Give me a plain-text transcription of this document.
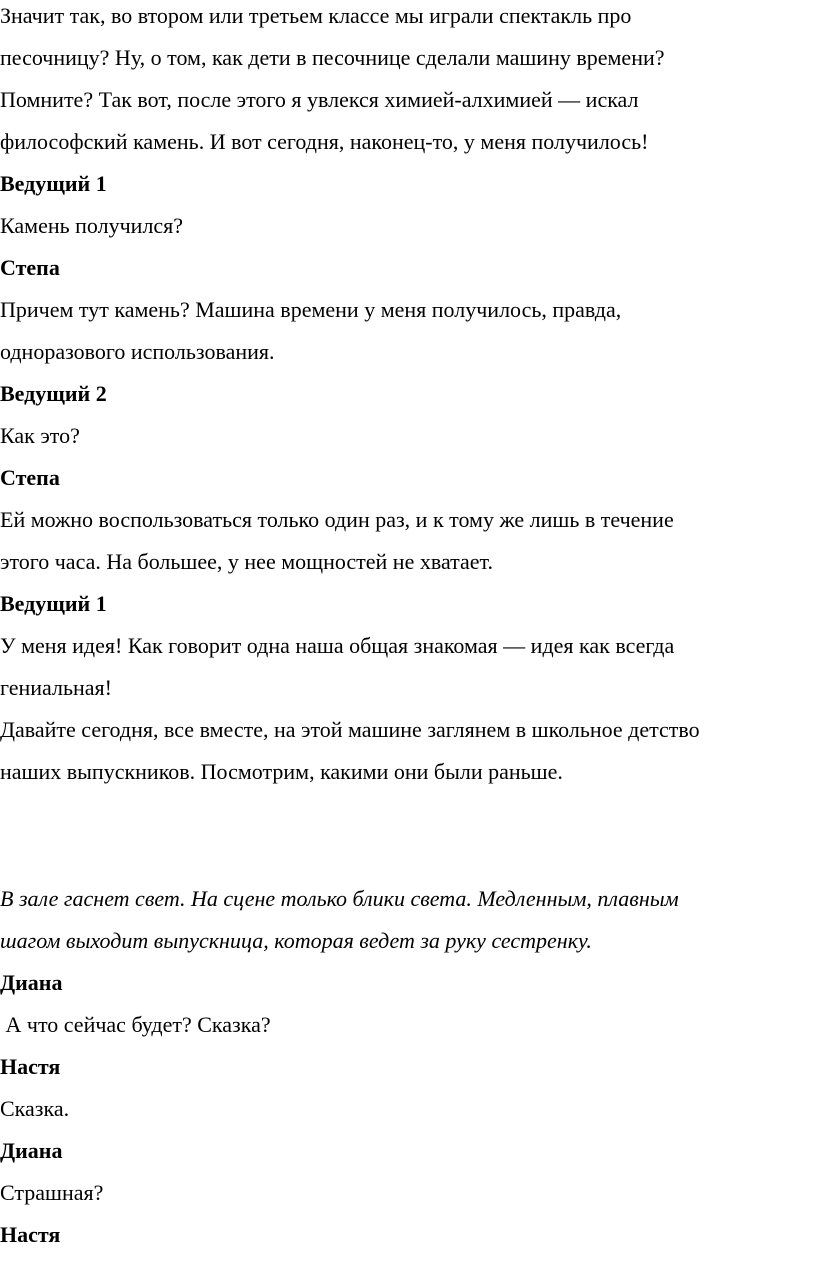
Значит так, во втором или третьем классе мы играли спектакль про

песочницу? Ну, о том, как дети в песочнице сделали машину времени?

Помните? Так вот, после этого я увлекся химией-алхимией — искал

философский камень. И вот сегодня, наконец-то, у меня получилось!

Ведущий 1

Камень получился?

Степа

Причем тут камень? Машина времени у меня получилось, правда,

одноразового использования.

Ведущий 2

Как это?

Степа

Ей можно воспользоваться только один раз, и к тому же лишь в течение

этого часа. На большее, у нее мощностей не хватает.

Ведущий 1

У меня идея! Как говорит одна наша общая знакомая — идея как всегда

гениальная!

Давайте сегодня, все вместе, на этой машине заглянем в школьное детство

наших выпускников. Посмотрим, какими они были раньше.

В зале гаснет свет. На сцене только блики света. Медленным, плавным

шагом выходит выпускница, которая ведет за руку сестренку.

Диана

А что сейчас будет? Сказка?

Настя

Сказка.

Диана

Страшная?

Настя
